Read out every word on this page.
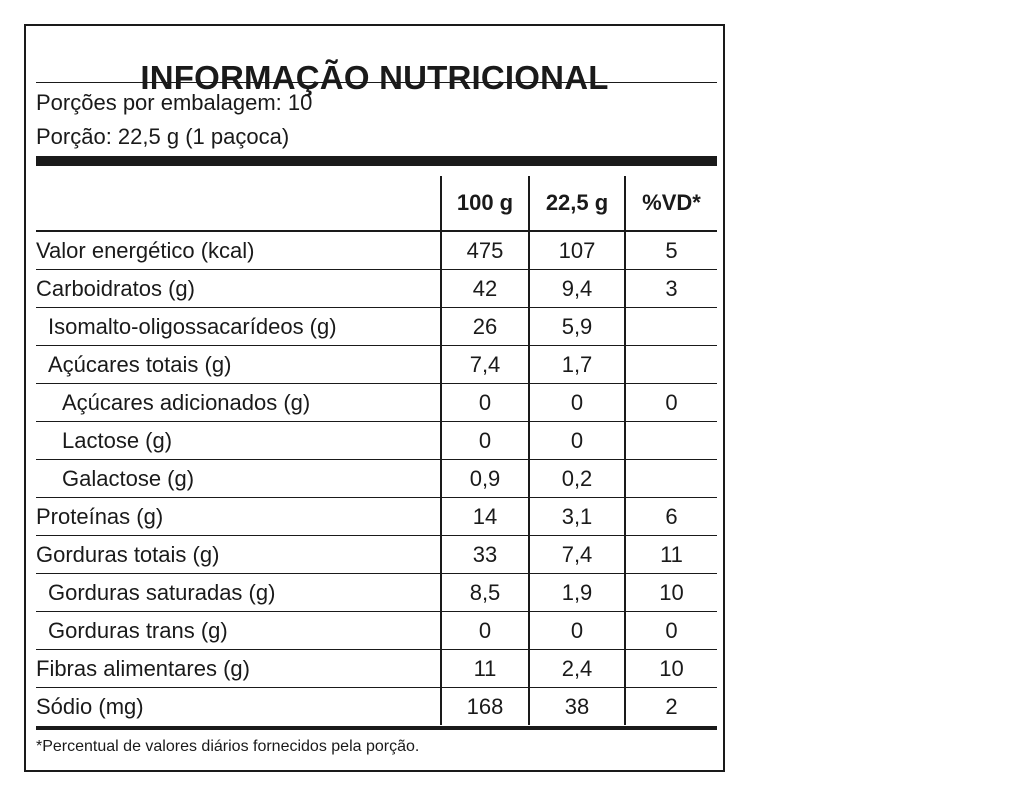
INFORMAÇÃO NUTRICIONAL
Porções por embalagem: 10
Porção: 22,5 g (1 paçoca)
	100 g	22,5 g	%VD*
Valor energético (kcal)	475	107	5
Carboidratos (g)	42	9,4	3
Isomalto-oligossacarídeos (g)	26	5,9	
Açúcares totais (g)	7,4	1,7	
Açúcares adicionados (g)	0	0	0
Lactose (g)	0	0	
Galactose (g)	0,9	0,2	
Proteínas (g)	14	3,1	6
Gorduras totais (g)	33	7,4	11
Gorduras saturadas (g)	8,5	1,9	10
Gorduras trans (g)	0	0	0
Fibras alimentares (g)	11	2,4	10
Sódio (mg)	168	38	2
*Percentual de valores diários fornecidos pela porção.
